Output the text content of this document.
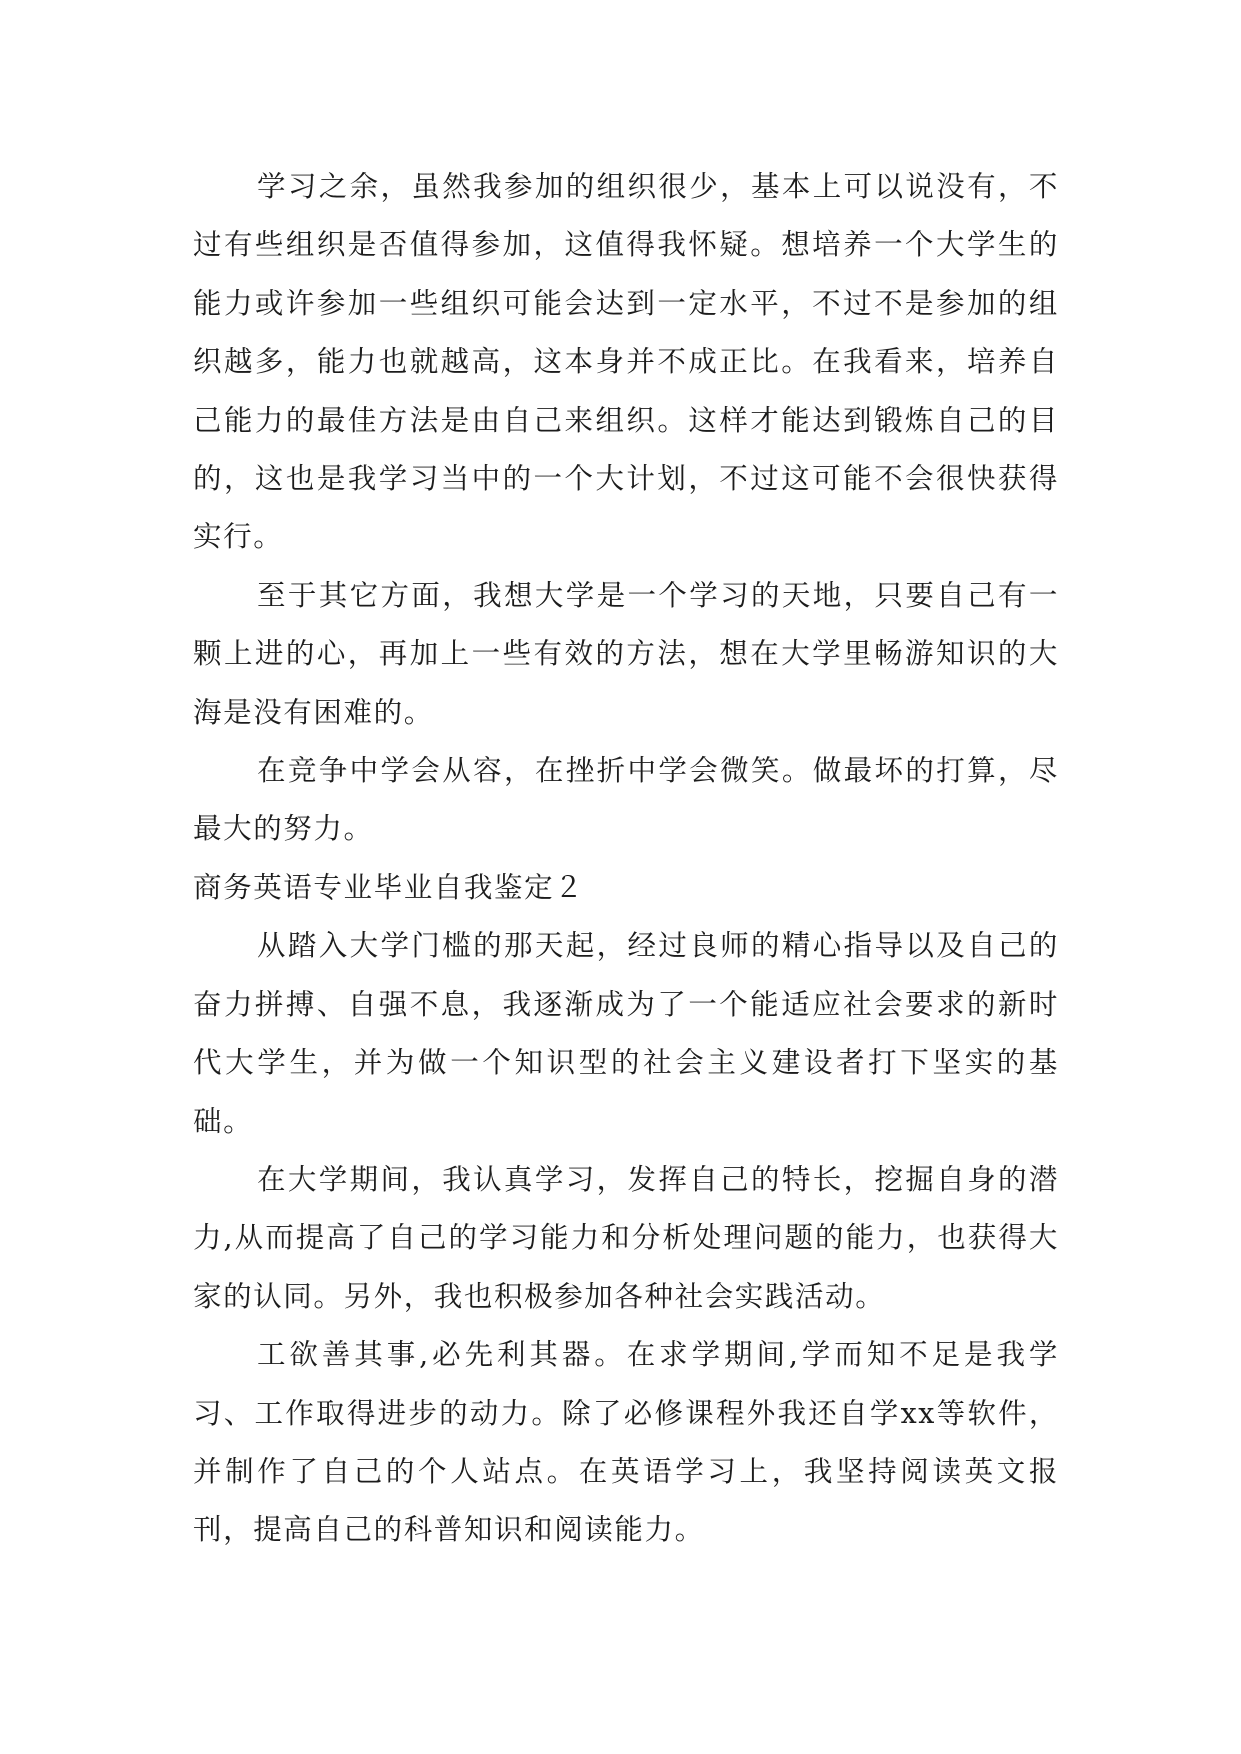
学习之余，虽然我参加的组织很少，基本上可以说没有，不过有些组织是否值得参加，这值得我怀疑。想培养一个大学生的能力或许参加一些组织可能会达到一定水平，不过不是参加的组织越多，能力也就越高，这本身并不成正比。在我看来，培养自己能力的最佳方法是由自己来组织。这样才能达到锻炼自己的目的，这也是我学习当中的一个大计划，不过这可能不会很快获得实行。

至于其它方面，我想大学是一个学习的天地，只要自己有一颗上进的心，再加上一些有效的方法，想在大学里畅游知识的大海是没有困难的。

在竞争中学会从容，在挫折中学会微笑。做最坏的打算，尽最大的努力。

商务英语专业毕业自我鉴定２

从踏入大学门槛的那天起，经过良师的精心指导以及自己的奋力拼搏、自强不息，我逐渐成为了一个能适应社会要求的新时代大学生，并为做一个知识型的社会主义建设者打下坚实的基础。

在大学期间，我认真学习，发挥自己的特长，挖掘自身的潜力,从而提高了自己的学习能力和分析处理问题的能力，也获得大家的认同。另外，我也积极参加各种社会实践活动。

工欲善其事,必先利其器。在求学期间,学而知不足是我学习、工作取得进步的动力。除了必修课程外我还自学xx等软件，并制作了自己的个人站点。在英语学习上，我坚持阅读英文报刊，提高自己的科普知识和阅读能力。
